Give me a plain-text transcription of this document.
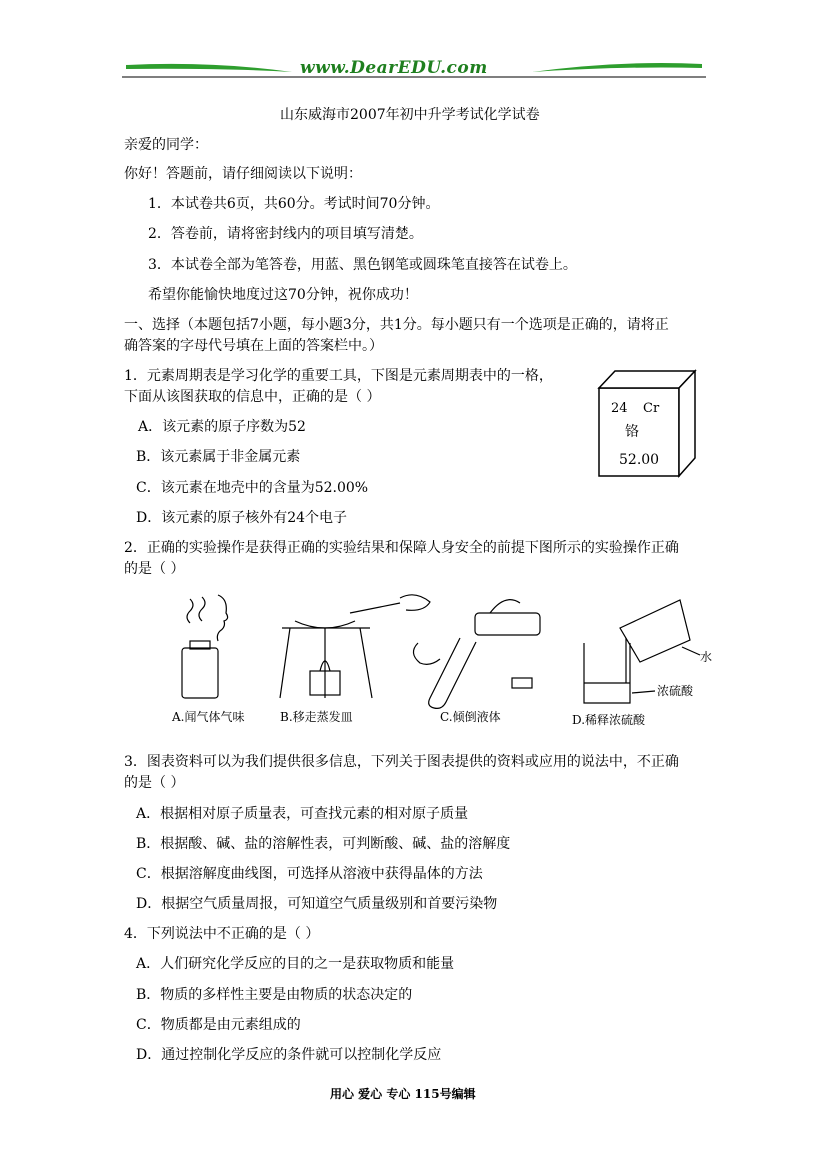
www.DearEDU.com
山东威海市2007年初中升学考试化学试卷
亲爱的同学：
你好！答题前，请仔细阅读以下说明：
1．本试卷共6页，共60分。考试时间70分钟。
2．答卷前，请将密封线内的项目填写清楚。
3．本试卷全部为笔答卷，用蓝、黑色钢笔或圆珠笔直接答在试卷上。
希望你能愉快地度过这70分钟，祝你成功！
一、选择（本题包括7小题，每小题3分，共1分。每小题只有一个选项是正确的，请将正
确答案的字母代号填在上面的答案栏中。）
1．元素周期表是学习化学的重要工具，下图是元素周期表中的一格，
下面从该图获取的信息中，正确的是（ ）
A．该元素的原子序数为52
B．该元素属于非金属元素
C．该元素在地壳中的含量为52.00%
D．该元素的原子核外有24个电子
24 Cr
铬
52.00
2．正确的实验操作是获得正确的实验结果和保障人身安全的前提下图所示的实验操作正确
的是（ ）
A.闻气体气味	B.移走蒸发皿	C.倾倒液体
水
浓硫酸
D.稀释浓硫酸
3．图表资料可以为我们提供很多信息，下列关于图表提供的资料或应用的说法中，不正确
的是（ ）
A．根据相对原子质量表，可查找元素的相对原子质量
B．根据酸、碱、盐的溶解性表，可判断酸、碱、盐的溶解度
C．根据溶解度曲线图，可选择从溶液中获得晶体的方法
D．根据空气质量周报，可知道空气质量级别和首要污染物
4．下列说法中不正确的是（ ）
A．人们研究化学反应的目的之一是获取物质和能量
B．物质的多样性主要是由物质的状态决定的
C．物质都是由元素组成的
D．通过控制化学反应的条件就可以控制化学反应
用心 爱心 专心 115号编辑
